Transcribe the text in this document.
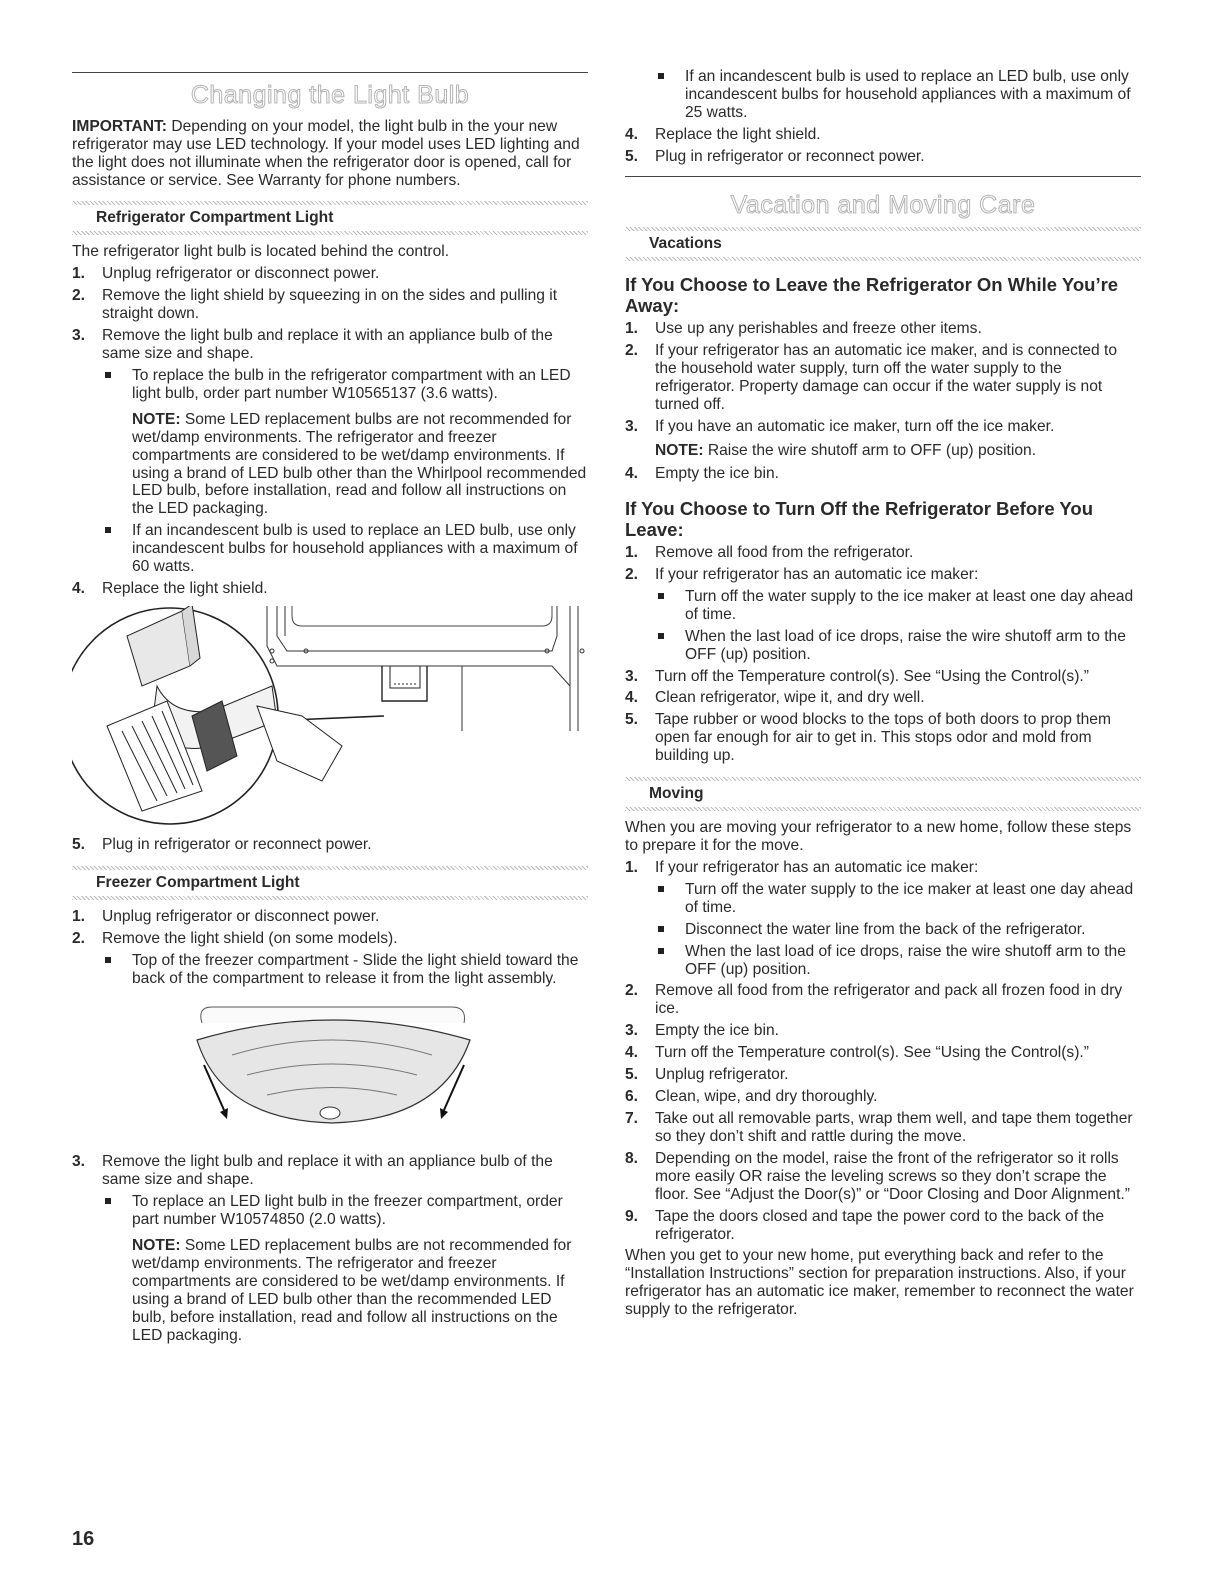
Changing the Light Bulb

IMPORTANT: Depending on your model, the light bulb in the your new refrigerator may use LED technology. If your model uses LED lighting and the light does not illuminate when the refrigerator door is opened, call for assistance or service. See Warranty for phone numbers.

Refrigerator Compartment Light

The refrigerator light bulb is located behind the control.

1. Unplug refrigerator or disconnect power.
2. Remove the light shield by squeezing in on the sides and pulling it straight down.
3. Remove the light bulb and replace it with an appliance bulb of the same size and shape.
To replace the bulb in the refrigerator compartment with an LED light bulb, order part number W10565137 (3.6 watts).

NOTE: Some LED replacement bulbs are not recommended for wet/damp environments. The refrigerator and freezer compartments are considered to be wet/damp environments. If using a brand of LED bulb other than the Whirlpool recommended LED bulb, before installation, read and follow all instructions on the LED packaging.

If an incandescent bulb is used to replace an LED bulb, use only incandescent bulbs for household appliances with a maximum of 60 watts.
4. Replace the light shield.
5. Plug in refrigerator or reconnect power.
Freezer Compartment Light
1. Unplug refrigerator or disconnect power.
2. Remove the light shield (on some models).
Top of the freezer compartment - Slide the light shield toward the back of the compartment to release it from the light assembly.
3. Remove the light bulb and replace it with an appliance bulb of the same size and shape.
To replace an LED light bulb in the freezer compartment, order part number W10574850 (2.0 watts).

NOTE: Some LED replacement bulbs are not recommended for wet/damp environments. The refrigerator and freezer compartments are considered to be wet/damp environments. If using a brand of LED bulb other than the recommended LED bulb, before installation, read and follow all instructions on the LED packaging.

If an incandescent bulb is used to replace an LED bulb, use only incandescent bulbs for household appliances with a maximum of 25 watts.
4. Replace the light shield.
5. Plug in refrigerator or reconnect power.
Vacation and Moving Care
Vacations
If You Choose to Leave the Refrigerator On While You’re Away:
1. Use up any perishables and freeze other items.
2. If your refrigerator has an automatic ice maker, and is connected to the household water supply, turn off the water supply to the refrigerator. Property damage can occur if the water supply is not turned off.
3. If you have an automatic ice maker, turn off the ice maker.

NOTE: Raise the wire shutoff arm to OFF (up) position.

4. Empty the ice bin.
If You Choose to Turn Off the Refrigerator Before You Leave:
1. Remove all food from the refrigerator.
2. If your refrigerator has an automatic ice maker:
Turn off the water supply to the ice maker at least one day ahead of time.
When the last load of ice drops, raise the wire shutoff arm to the OFF (up) position.
3. Turn off the Temperature control(s). See “Using the Control(s).”
4. Clean refrigerator, wipe it, and dry well.
5. Tape rubber or wood blocks to the tops of both doors to prop them open far enough for air to get in. This stops odor and mold from building up.
Moving

When you are moving your refrigerator to a new home, follow these steps to prepare it for the move.

1. If your refrigerator has an automatic ice maker:
Turn off the water supply to the ice maker at least one day ahead of time.
Disconnect the water line from the back of the refrigerator.
When the last load of ice drops, raise the wire shutoff arm to the OFF (up) position.
2. Remove all food from the refrigerator and pack all frozen food in dry ice.
3. Empty the ice bin.
4. Turn off the Temperature control(s). See “Using the Control(s).”
5. Unplug refrigerator.
6. Clean, wipe, and dry thoroughly.
7. Take out all removable parts, wrap them well, and tape them together so they don’t shift and rattle during the move.
8. Depending on the model, raise the front of the refrigerator so it rolls more easily OR raise the leveling screws so they don’t scrape the floor. See “Adjust the Door(s)” or “Door Closing and Door Alignment.”
9. Tape the doors closed and tape the power cord to the back of the refrigerator.

When you get to your new home, put everything back and refer to the “Installation Instructions” section for preparation instructions. Also, if your refrigerator has an automatic ice maker, remember to reconnect the water supply to the refrigerator.

16
